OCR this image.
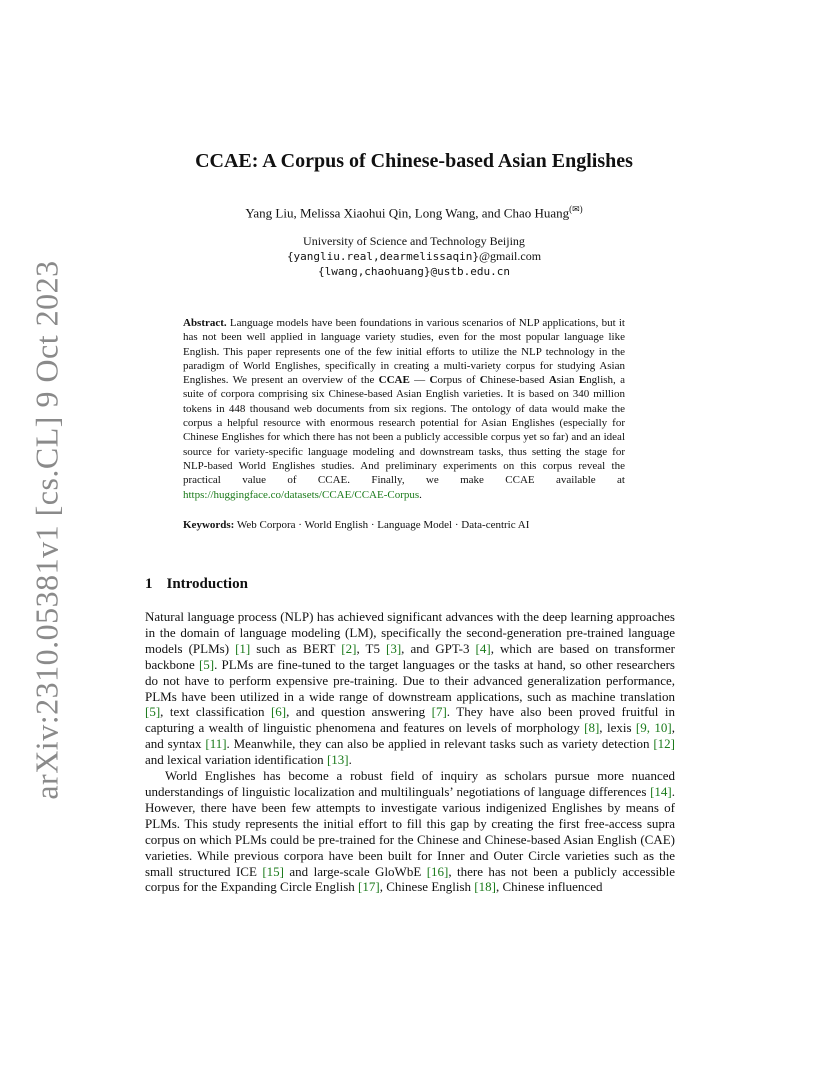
arXiv:2310.05381v1 [cs.CL] 9 Oct 2023
CCAE: A Corpus of Chinese-based Asian Englishes
Yang Liu, Melissa Xiaohui Qin, Long Wang, and Chao Huang(✉)
University of Science and Technology Beijing
{yangliu.real,dearmelissaqin}@gmail.com
{lwang,chaohuang}@ustb.edu.cn

Abstract. Language models have been foundations in various scenarios of NLP applications, but it has not been well applied in language variety studies, even for the most popular language like English. This paper represents one of the few initial efforts to utilize the NLP technology in the paradigm of World Englishes, specifically in creating a multi-variety corpus for studying Asian Englishes. We present an overview of the CCAE — Corpus of Chinese-based Asian English, a suite of corpora comprising six Chinese-based Asian English varieties. It is based on 340 million tokens in 448 thousand web documents from six regions. The ontology of data would make the corpus a helpful resource with enormous research potential for Asian Englishes (especially for Chinese Englishes for which there has not been a publicly accessible corpus yet so far) and an ideal source for variety-specific language modeling and downstream tasks, thus setting the stage for NLP-based World Englishes studies. And preliminary experiments on this corpus reveal the practical value of CCAE. Finally, we make CCAE available at https://huggingface.co/datasets/CCAE/CCAE-Corpus.

Keywords: Web Corpora · World English · Language Model · Data-centric AI

1 Introduction

Natural language process (NLP) has achieved significant advances with the deep learning approaches in the domain of language modeling (LM), specifically the second-generation pre-trained language models (PLMs) [1] such as BERT [2], T5 [3], and GPT-3 [4], which are based on transformer backbone [5]. PLMs are fine-tuned to the target languages or the tasks at hand, so other researchers do not have to perform expensive pre-training. Due to their advanced generalization performance, PLMs have been utilized in a wide range of downstream applications, such as machine translation [5], text classification [6], and question answering [7]. They have also been proved fruitful in capturing a wealth of linguistic phenomena and features on levels of morphology [8], lexis [9, 10], and syntax [11]. Meanwhile, they can also be applied in relevant tasks such as variety detection [12] and lexical variation identification [13].

World Englishes has become a robust field of inquiry as scholars pursue more nuanced understandings of linguistic localization and multilinguals’ negotiations of language differences [14]. However, there have been few attempts to investigate various indigenized Englishes by means of PLMs. This study represents the initial effort to fill this gap by creating the first free-access supra corpus on which PLMs could be pre-trained for the Chinese and Chinese-based Asian English (CAE) varieties. While previous corpora have been built for Inner and Outer Circle varieties such as the small structured ICE [15] and large-scale GloWbE [16], there has not been a publicly accessible corpus for the Expanding Circle English [17], Chinese English [18], Chinese influenced
